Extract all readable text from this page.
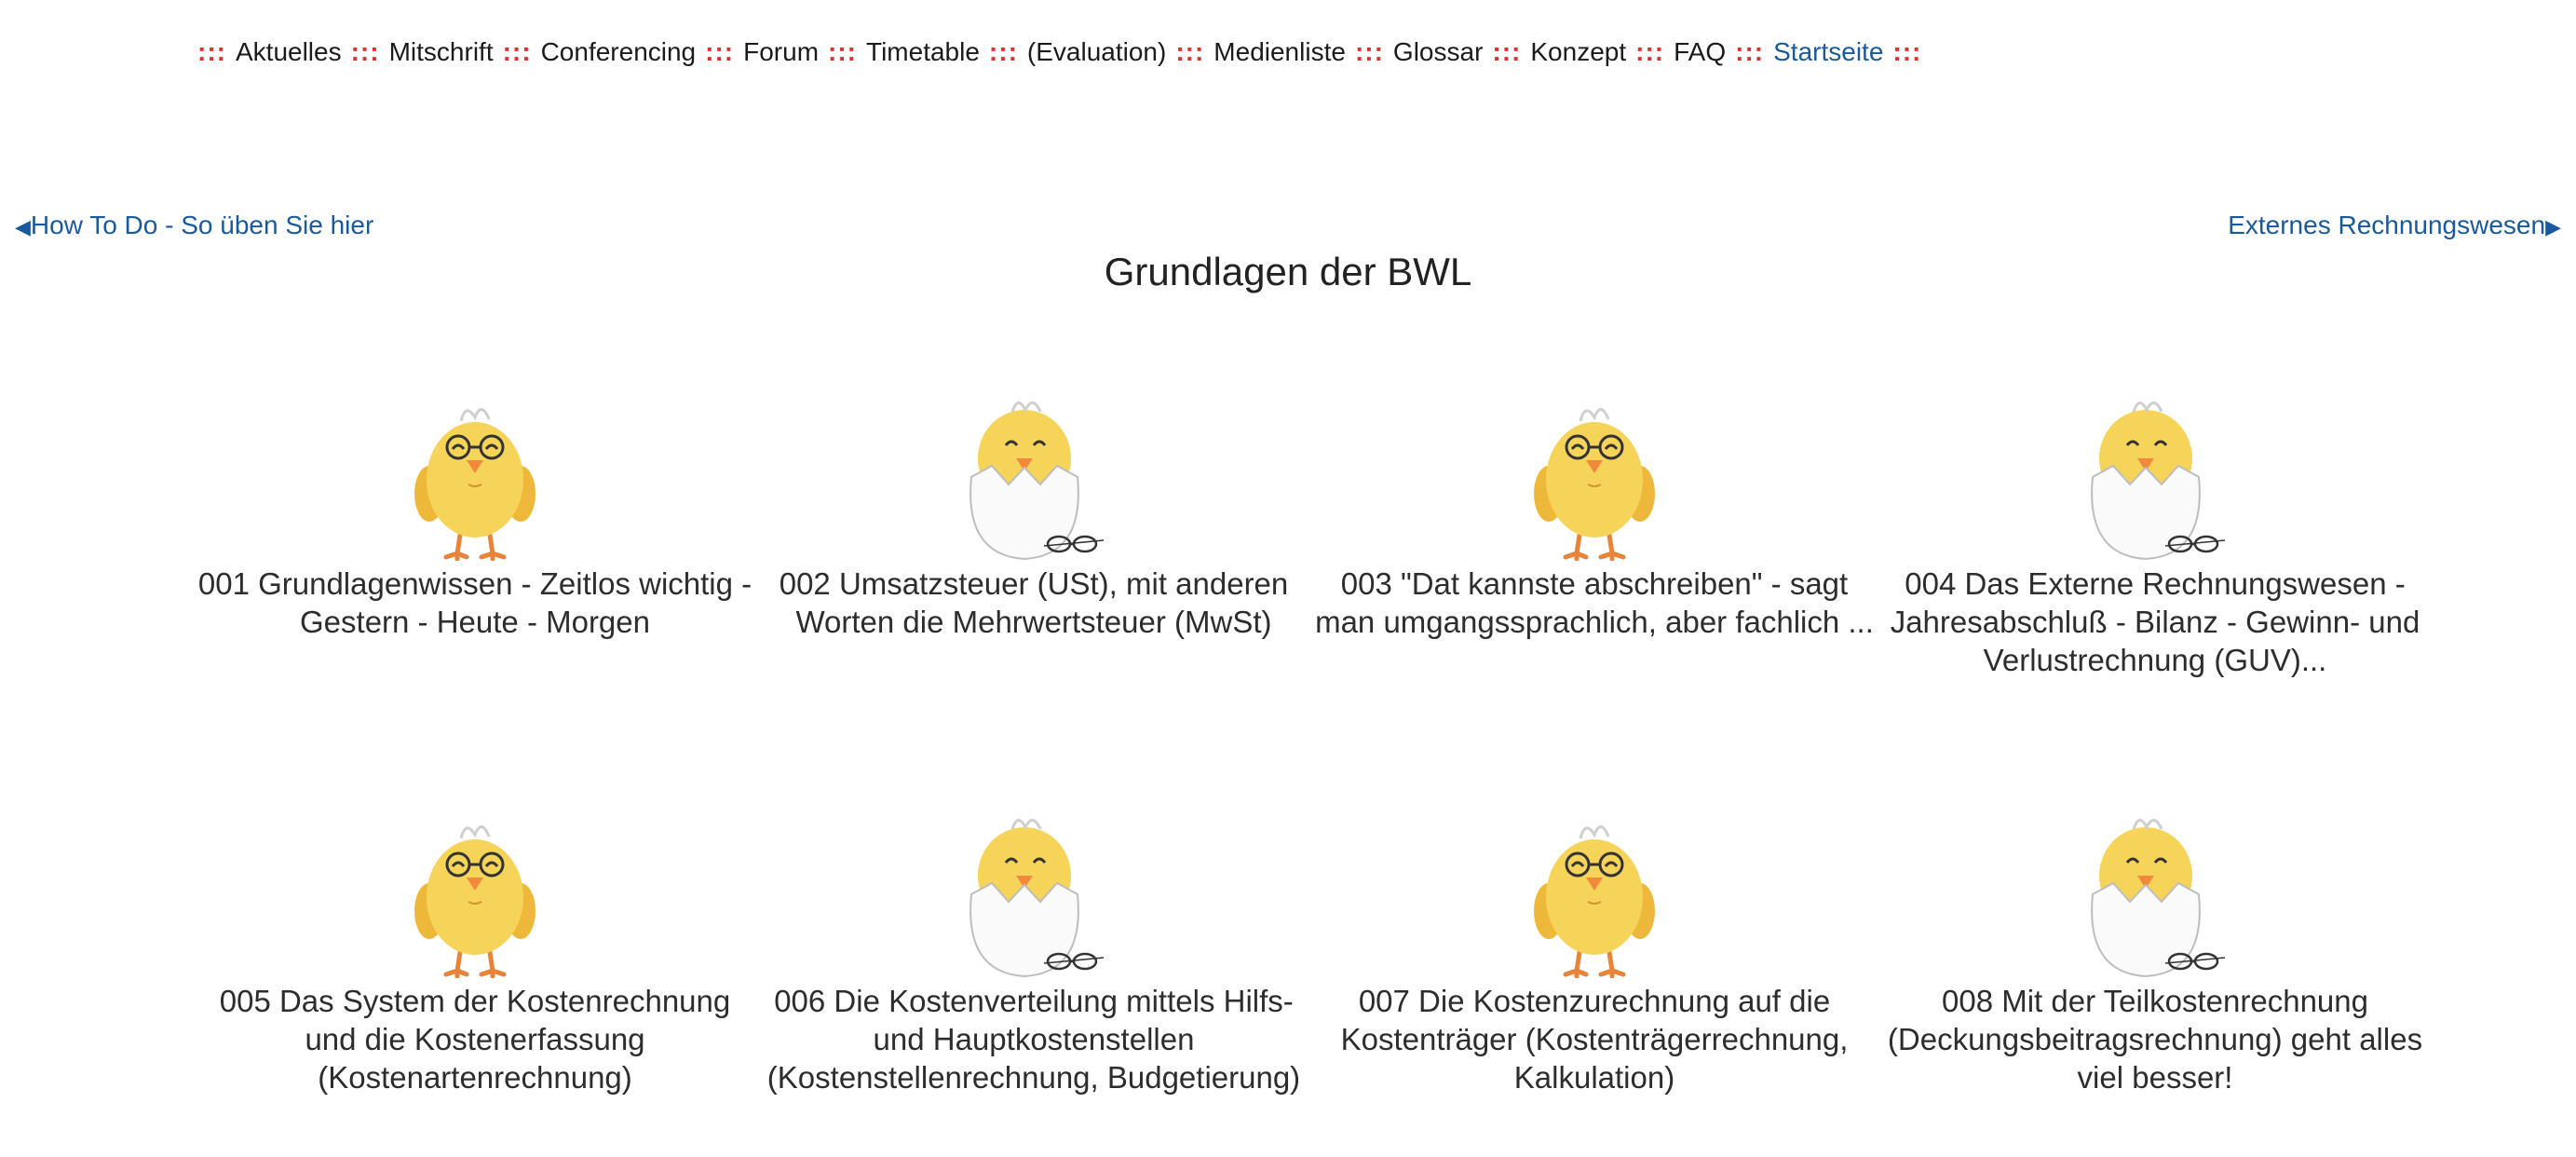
::: Aktuelles ::: Mitschrift ::: Conferencing ::: Forum ::: Timetable ::: (Evaluation) ::: Medienliste ::: Glossar ::: Konzept ::: FAQ ::: Startseite :::
◀How To Do - So üben Sie hier	Externes Rechnungswesen▶
Grundlagen der BWL
001 Grundlagenwissen - Zeitlos wichtig - Gestern - Heute - Morgen
002 Umsatzsteuer (USt), mit anderen Worten die Mehrwertsteuer (MwSt)
003 "Dat kannste abschreiben" - sagt man umgangssprachlich, aber fachlich ...
004 Das Externe Rechnungswesen - Jahresabschluß - Bilanz - Gewinn- und Verlustrechnung (GUV)...
005 Das System der Kostenrechnung und die Kostenerfassung (Kostenartenrechnung)
006 Die Kostenverteilung mittels Hilfs- und Hauptkostenstellen (Kostenstellenrechnung, Budgetierung)
007 Die Kostenzurechnung auf die Kostenträger (Kostenträgerrechnung, Kalkulation)
008 Mit der Teilkostenrechnung (Deckungsbeitragsrechnung) geht alles viel besser!
